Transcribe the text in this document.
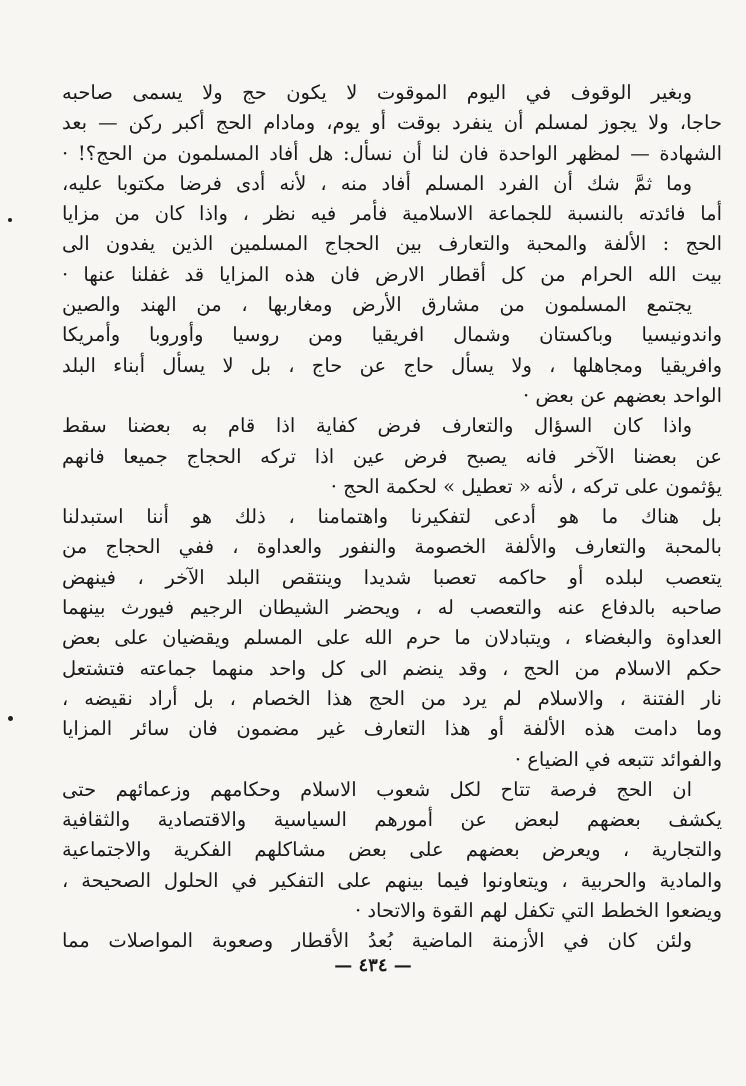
وبغير الوقوف في اليوم الموقوت لا يكون حج ولا يسمى صاحبه
حاجا، ولا يجوز لمسلم أن ينفرد بوقت أو يوم، ومادام الحج أكبر ركن — بعد
الشهادة — لمظهر الواحدة فان لنا أن نسأل: هل أفاد المسلمون من الحج؟! ·
وما ثمَّ شك أن الفرد المسلم أفاد منه ، لأنه أدى فرضا مكتوبا عليه،
أما فائدته بالنسبة للجماعة الاسلامية فأمر فيه نظر ، واذا كان من مزايا
الحج : الألفة والمحبة والتعارف بين الحجاج المسلمين الذين يفدون الى
بيت الله الحرام من كل أقطار الارض فان هذه المزايا قد غفلنا عنها ·
يجتمع المسلمون من مشارق الأرض ومغاربها ، من الهند والصين
واندونيسيا وباكستان وشمال افريقيا ومن روسيا وأوروبا وأمريكا
وافريقيا ومجاهلها ، ولا يسأل حاج عن حاج ، بل لا يسأل أبناء البلد
الواحد بعضهم عن بعض ·
واذا كان السؤال والتعارف فرض كفاية اذا قام به بعضنا سقط
عن بعضنا الآخر فانه يصبح فرض عين اذا تركه الحجاج جميعا فانهم
يؤثمون على تركه ، لأنه « تعطيل » لحكمة الحج ·
بل هناك ما هو أدعى لتفكيرنا واهتمامنا ، ذلك هو أننا استبدلنا
بالمحبة والتعارف والألفة الخصومة والنفور والعداوة ، ففي الحجاج من
يتعصب لبلده أو حاكمه تعصبا شديدا وينتقص البلد الآخر ، فينهض
صاحبه بالدفاع عنه والتعصب له ، ويحضر الشيطان الرجيم فيورث بينهما
العداوة والبغضاء ، ويتبادلان ما حرم الله على المسلم ويقضيان على بعض
حكم الاسلام من الحج ، وقد ينضم الى كل واحد منهما جماعته فتشتعل
نار الفتنة ، والاسلام لم يرد من الحج هذا الخصام ، بل أراد نقيضه ،
وما دامت هذه الألفة أو هذا التعارف غير مضمون فان سائر المزايا
والفوائد تتبعه في الضياع ·
ان الحج فرصة تتاح لكل شعوب الاسلام وحكامهم وزعمائهم حتى
يكشف بعضهم لبعض عن أمورهم السياسية والاقتصادية والثقافية
والتجارية ، ويعرض بعضهم على بعض مشاكلهم الفكرية والاجتماعية
والمادية والحربية ، ويتعاونوا فيما بينهم على التفكير في الحلول الصحيحة ،
ويضعوا الخطط التي تكفل لهم القوة والاتحاد ·
ولئن كان في الأزمنة الماضية بُعدُ الأقطار وصعوبة المواصلات مما
— ٤٣٤ —
